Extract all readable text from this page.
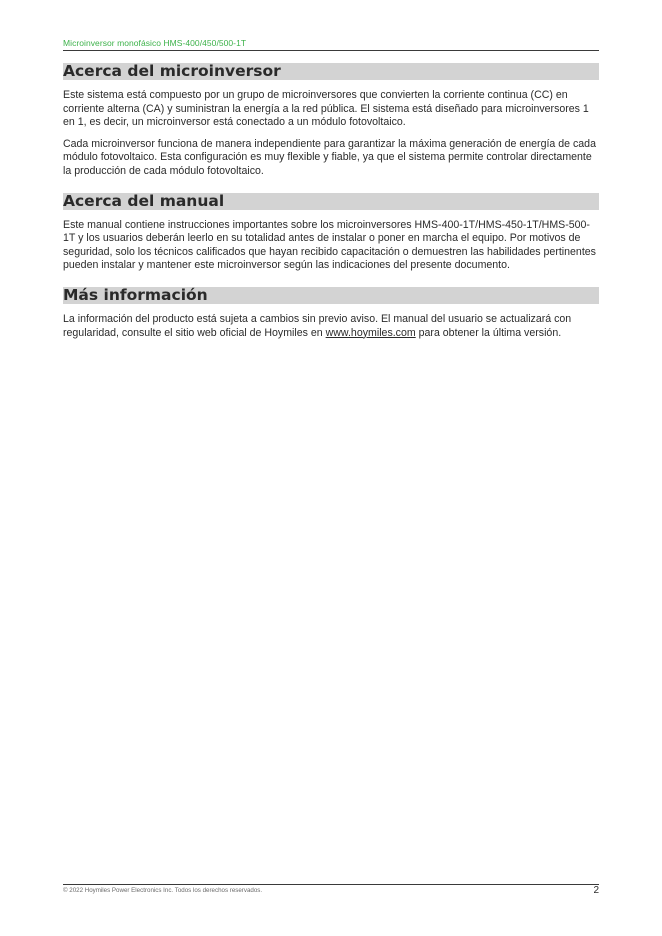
Microinversor monofásico HMS-400/450/500-1T
Acerca del microinversor

Este sistema está compuesto por un grupo de microinversores que convierten la corriente continua (CC) en corriente alterna (CA) y suministran la energía a la red pública. El sistema está diseñado para microinversores 1 en 1, es decir, un microinversor está conectado a un módulo fotovoltaico.

Cada microinversor funciona de manera independiente para garantizar la máxima generación de energía de cada módulo fotovoltaico. Esta configuración es muy flexible y fiable, ya que el sistema permite controlar directamente la producción de cada módulo fotovoltaico.

Acerca del manual

Este manual contiene instrucciones importantes sobre los microinversores HMS-400-1T/HMS-450-1T/HMS-500-1T y los usuarios deberán leerlo en su totalidad antes de instalar o poner en marcha el equipo. Por motivos de seguridad, solo los técnicos calificados que hayan recibido capacitación o demuestren las habilidades pertinentes pueden instalar y mantener este microinversor según las indicaciones del presente documento.

Más información

La información del producto está sujeta a cambios sin previo aviso. El manual del usuario se actualizará con regularidad, consulte el sitio web oficial de Hoymiles en www.hoymiles.com para obtener la última versión.

© 2022 Hoymiles Power Electronics Inc. Todos los derechos reservados.	2
